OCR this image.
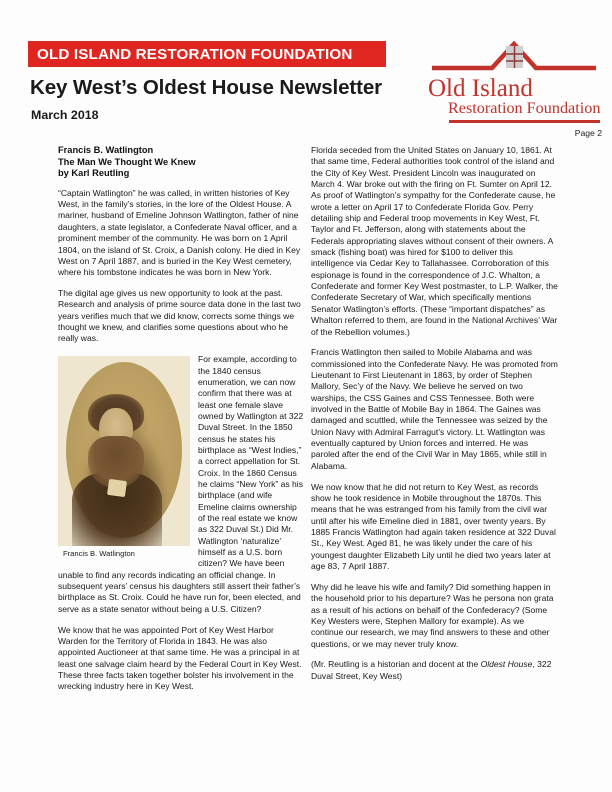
OLD ISLAND RESTORATION FOUNDATION
Key West’s Oldest House Newsletter
March 2018
Old Island
Restoration Foundation
Page 2
Francis B. Watlington
The Man We Thought We Knew
by Karl Reutling

“Captain Watlington” he was called, in written histories of Key West, in the family’s stories, in the lore of the Oldest House. A mariner, husband of Emeline Johnson Watlington, father of nine daughters, a state legislator, a Confederate Naval officer, and a prominent member of the community. He was born on 1 April 1804, on the island of St. Croix, a Danish colony. He died in Key West on 7 April 1887, and is buried in the Key West cemetery, where his tombstone indicates he was born in New York.

The digital age gives us new opportunity to look at the past. Research and analysis of prime source data done in the last two years verifies much that we did know, corrects some things we thought we knew, and clarifies some questions about who he really was.

Francis B. Watlington

For example, according to the 1840 census enumeration, we can now confirm that there was at least one female slave owned by Watlington at 322 Duval Street. In the 1850 census he states his birthplace as “West Indies,” a correct appellation for St. Croix. In the 1860 Census he claims “New York” as his birthplace (and wife Emeline claims ownership of the real estate we know as 322 Duval St.) Did Mr. Watlington ‘naturalize’ himself as a U.S. born citizen? We have been unable to find any records indicating an official change. In subsequent years’ census his daughters still assert their father’s birthplace as St. Croix. Could he have run for, been elected, and serve as a state senator without being a U.S. Citizen?

We know that he was appointed Port of Key West Harbor Warden for the Territory of Florida in 1843. He was also appointed Auctioneer at that same time. He was a principal in at least one salvage claim heard by the Federal Court in Key West. These three facts taken together bolster his involvement in the wrecking industry here in Key West.

Florida seceded from the United States on January 10, 1861. At that same time, Federal authorities took control of the island and the City of Key West. President Lincoln was inaugurated on March 4. War broke out with the firing on Ft. Sumter on April 12. As proof of Watlington’s sympathy for the Confederate cause, he wrote a letter on April 17 to Confederate Florida Gov. Perry detailing ship and Federal troop movements in Key West, Ft. Taylor and Ft. Jefferson, along with statements about the Federals appropriating slaves without consent of their owners. A smack (fishing boat) was hired for $100 to deliver this intelligence via Cedar Key to Tallahassee. Corroboration of this espionage is found in the correspondence of J.C. Whalton, a Confederate and former Key West postmaster, to L.P. Walker, the Confederate Secretary of War, which specifically mentions Senator Watlington’s efforts. (These “important dispatches” as Whalton referred to them, are found in the National Archives’ War of the Rebellion volumes.)

Francis Watlington then sailed to Mobile Alabama and was commissioned into the Confederate Navy. He was promoted from Lieutenant to First Lieutenant in 1863, by order of Stephen Mallory, Sec’y of the Navy. We believe he served on two warships, the CSS Gaines and CSS Tennessee. Both were involved in the Battle of Mobile Bay in 1864. The Gaines was damaged and scuttled, while the Tennessee was seized by the Union Navy with Admiral Farragut’s victory. Lt. Watlington was eventually captured by Union forces and interred. He was paroled after the end of the Civil War in May 1865, while still in Alabama.

We now know that he did not return to Key West, as records show he took residence in Mobile throughout the 1870s. This means that he was estranged from his family from the civil war until after his wife Emeline died in 1881, over twenty years. By 1885 Francis Watlington had again taken residence at 322 Duval St., Key West. Aged 81, he was likely under the care of his youngest daughter Elizabeth Lily until he died two years later at age 83, 7 April 1887.

Why did he leave his wife and family? Did something happen in the household prior to his departure? Was he persona non grata as a result of his actions on behalf of the Confederacy? (Some Key Westers were, Stephen Mallory for example). As we continue our research, we may find answers to these and other questions, or we may never truly know.

(Mr. Reutling is a historian and docent at the Oldest House, 322 Duval Street, Key West)
